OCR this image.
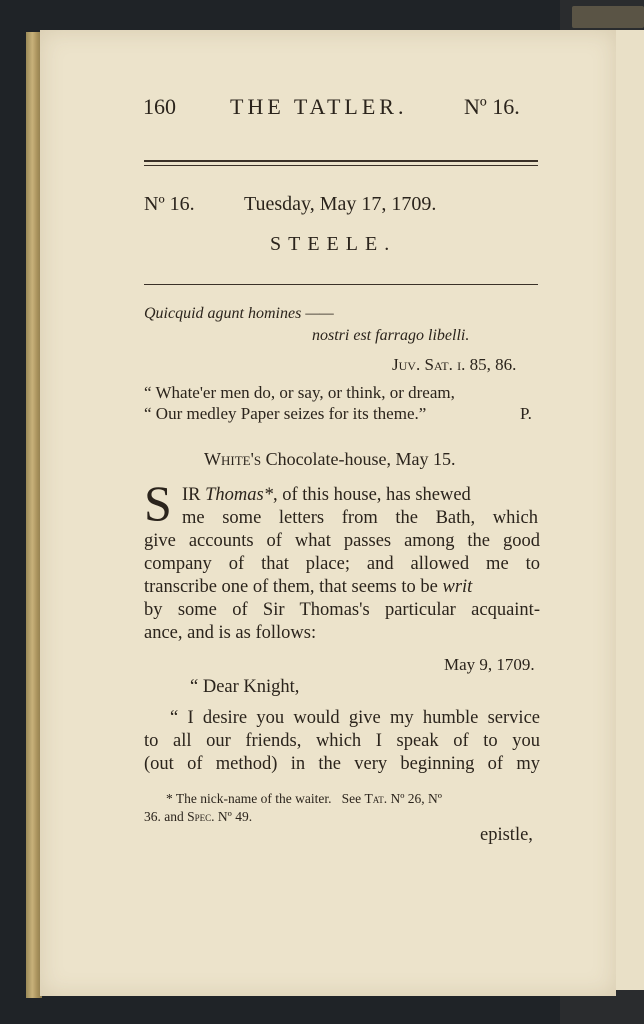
160 THE TATLER.	Nº 16.
Nº 16. Tuesday, May 17, 1709.
STEELE.
Quicquid agunt homines ——
nostri est farrago libelli.
Juv. Sat. i. 85, 86.
“ Whate'er men do, or say, or think, or dream,
“ Our medley Paper seizes for its theme.”	P.
White's Chocolate-house, May 15.
S IR Thomas*, of this house, has shewed
me some letters from the Bath, which
give accounts of what passes among the good
company of that place; and allowed me to
transcribe one of them, that seems to be writ
by some of Sir Thomas's particular acquaint-
ance, and is as follows:
May 9, 1709.
“ Dear Knight,
“ I desire you would give my humble service
to all our friends, which I speak of to you
(out of method) in the very beginning of my
* The nick-name of the waiter. See Tat. Nº 26, Nº
36. and Spec. Nº 49.
epistle,
